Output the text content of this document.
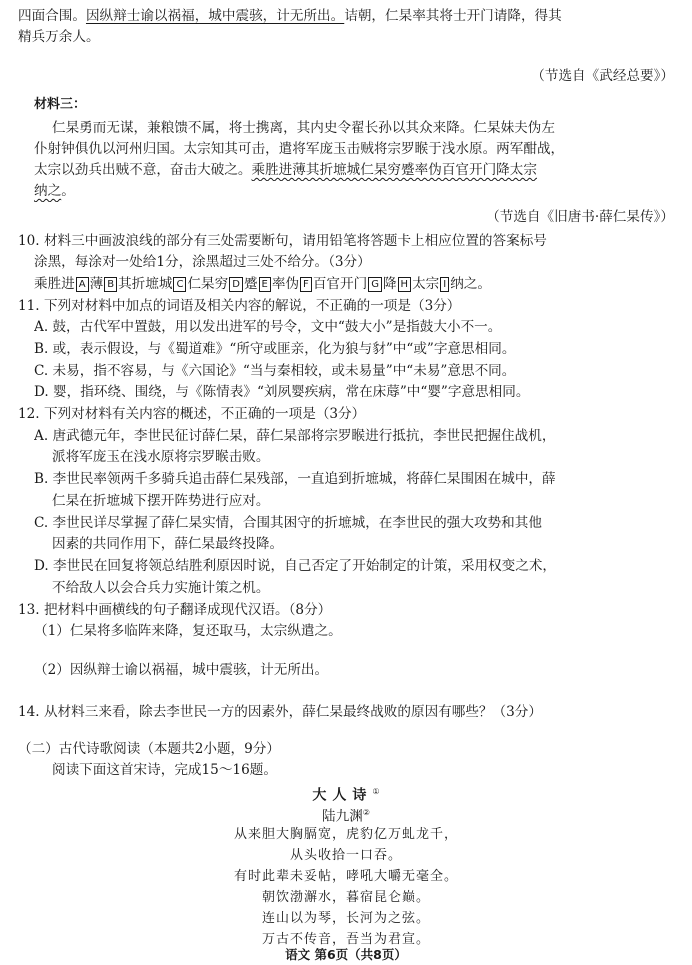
四面合围。因纵辩士谕以祸福，城中震骇，计无所出。诘朝，仁杲率其将士开门请降，得其
精兵万余人。
（节选自《武经总要》）
材料三：
仁杲勇而无谋，兼粮馈不属，将士携离，其内史令翟长孙以其众来降。仁杲妹夫伪左
仆射钟俱仇以河州归国。太宗知其可击，遣将军庞玉击贼将宗罗睺于浅水原。两军酣战，
太宗以劲兵出贼不意，奋击大破之。乘胜进薄其折墌城仁杲穷蹙率伪百官开门降太宗
纳之。
（节选自《旧唐书·薛仁杲传》）
10. 材料三中画波浪线的部分有三处需要断句，请用铅笔将答题卡上相应位置的答案标号
涂黑，每涂对一处给1分，涂黑超过三处不给分。（3分）
乘胜进 A 薄 B 其折墌城 C 仁杲穷 D 蹙 E 率伪 F 百官开门 G 降 H 太宗 I 纳之。
11. 下列对材料中加点的词语及相关内容的解说，不正确的一项是（3分）
A. 鼓，古代军中置鼓，用以发出进军的号令，文中“鼓大小”是指鼓大小不一。
B. 或，表示假设，与《蜀道难》“所守或匪亲，化为狼与豺”中“或”字意思相同。
C. 未易，指不容易，与《六国论》“当与秦相较，或未易量”中“未易”意思不同。
D. 婴，指环绕、围绕，与《陈情表》“刘夙婴疾病，常在床蓐”中“婴”字意思相同。
12. 下列对材料有关内容的概述，不正确的一项是（3分）
A. 唐武德元年，李世民征讨薛仁杲，薛仁杲部将宗罗睺进行抵抗，李世民把握住战机，
派将军庞玉在浅水原将宗罗睺击败。
B. 李世民率领两千多骑兵追击薛仁杲残部，一直追到折墌城，将薛仁杲围困在城中，薛
仁杲在折墌城下摆开阵势进行应对。
C. 李世民详尽掌握了薛仁杲实情，合围其困守的折墌城，在李世民的强大攻势和其他
因素的共同作用下，薛仁杲最终投降。
D. 李世民在回复将领总结胜利原因时说，自己否定了开始制定的计策，采用权变之术，
不给敌人以会合兵力实施计策之机。
13. 把材料中画横线的句子翻译成现代汉语。（8分）
（1）仁杲将多临阵来降，复还取马，太宗纵遣之。
（2）因纵辩士谕以祸福，城中震骇，计无所出。
14. 从材料三来看，除去李世民一方的因素外，薛仁杲最终战败的原因有哪些？（3分）
（二）古代诗歌阅读（本题共2小题，9分）
阅读下面这首宋诗，完成15～16题。
大人诗①
陆九渊②
从来胆大胸膈宽，虎豹亿万虬龙千，
从头收拾一口吞。
有时此辈未妥帖，哮吼大嚼无毫全。
朝饮渤澥水，暮宿昆仑巅。
连山以为琴，长河为之弦。
万古不传音，吾当为君宣。
语文 第6页（共8页）
